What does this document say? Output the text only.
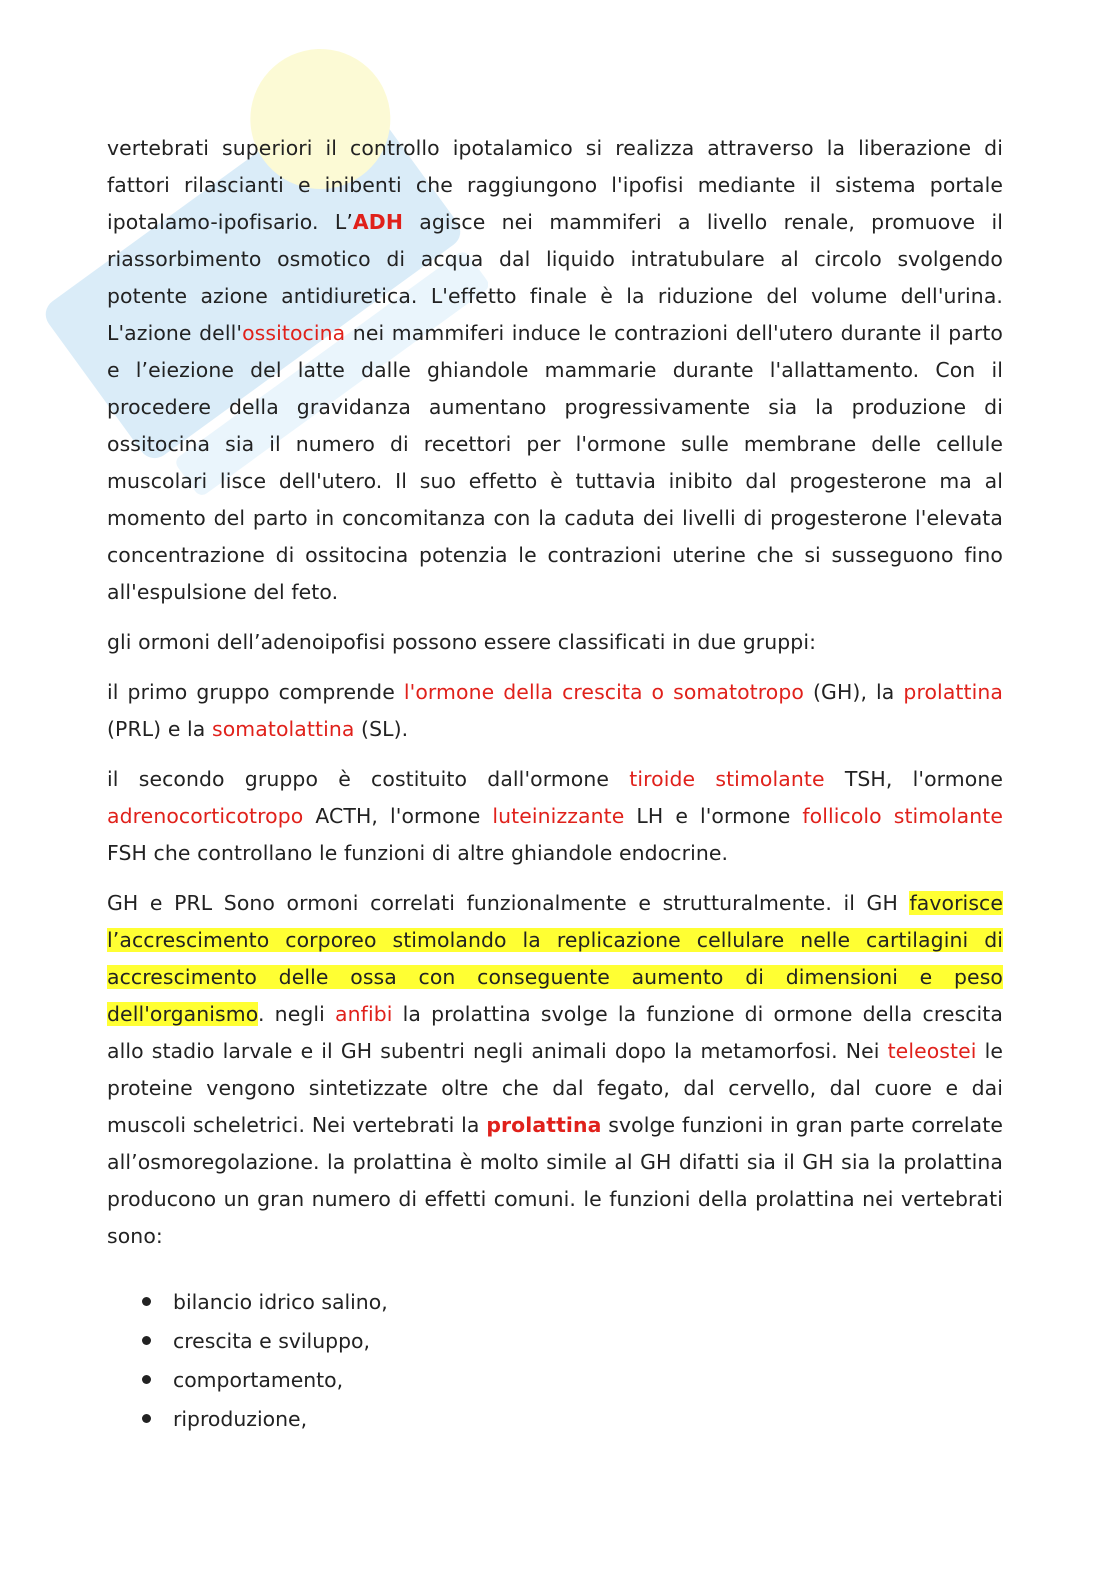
vertebrati superiori il controllo ipotalamico si realizza attraverso la liberazione di fattori rilascianti e inibenti che raggiungono l'ipofisi mediante il sistema portale ipotalamo-ipofisario. L’ADH agisce nei mammiferi a livello renale, promuove il riassorbimento osmotico di acqua dal liquido intratubulare al circolo svolgendo potente azione antidiuretica. L'effetto finale è la riduzione del volume dell'urina. L'azione dell'ossitocina nei mammiferi induce le contrazioni dell'utero durante il parto e l’eiezione del latte dalle ghiandole mammarie durante l'allattamento. Con il procedere della gravidanza aumentano progressivamente sia la produzione di ossitocina sia il numero di recettori per l'ormone sulle membrane delle cellule muscolari lisce dell'utero. Il suo effetto è tuttavia inibito dal progesterone ma al momento del parto in concomitanza con la caduta dei livelli di progesterone l'elevata concentrazione di ossitocina potenzia le contrazioni uterine che si susseguono fino all'espulsione del feto.

gli ormoni dell’adenoipofisi possono essere classificati in due gruppi:

il primo gruppo comprende l'ormone della crescita o somatotropo (GH), la prolattina (PRL) e la somatolattina (SL).

il secondo gruppo è costituito dall'ormone tiroide stimolante TSH, l'ormone adrenocorticotropo ACTH, l'ormone luteinizzante LH e l'ormone follicolo stimolante FSH che controllano le funzioni di altre ghiandole endocrine.

GH e PRL Sono ormoni correlati funzionalmente e strutturalmente. il GH favorisce l’accrescimento corporeo stimolando la replicazione cellulare nelle cartilagini di accrescimento delle ossa con conseguente aumento di dimensioni e peso dell'organismo. negli anfibi la prolattina svolge la funzione di ormone della crescita allo stadio larvale e il GH subentri negli animali dopo la metamorfosi. Nei teleostei le proteine vengono sintetizzate oltre che dal fegato, dal cervello, dal cuore e dai muscoli scheletrici. Nei vertebrati la prolattina svolge funzioni in gran parte correlate all’osmoregolazione. la prolattina è molto simile al GH difatti sia il GH sia la prolattina producono un gran numero di effetti comuni. le funzioni della prolattina nei vertebrati sono:

bilancio idrico salino,
crescita e sviluppo,
comportamento,
riproduzione,
